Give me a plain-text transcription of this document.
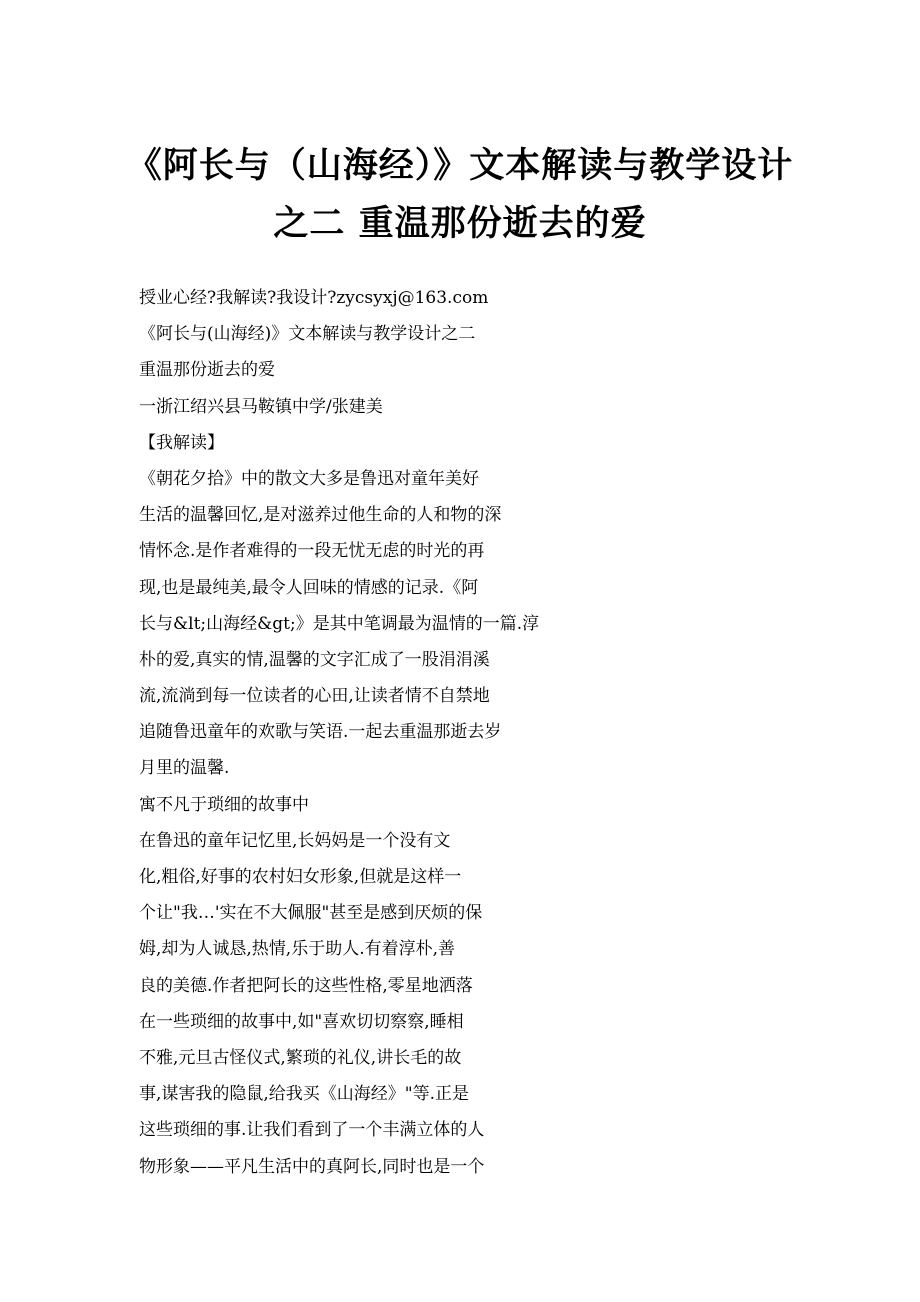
《阿长与（山海经）》文本解读与教学设计
之二 重温那份逝去的爱
授业心经?我解读?我设计?zycsyxj@163.com
《阿长与(山海经)》文本解读与教学设计之二
重温那份逝去的爱
一浙江绍兴县马鞍镇中学/张建美
【我解读】
《朝花夕拾》中的散文大多是鲁迅对童年美好
生活的温馨回忆,是对滋养过他生命的人和物的深
情怀念.是作者难得的一段无忧无虑的时光的再
现,也是最纯美,最令人回味的情感的记录.《阿
长与&lt;山海经&gt;》是其中笔调最为温情的一篇.淳
朴的爱,真实的情,温馨的文字汇成了一股涓涓溪
流,流淌到每一位读者的心田,让读者情不自禁地
追随鲁迅童年的欢歌与笑语.一起去重温那逝去岁
月里的温馨.
寓不凡于琐细的故事中
在鲁迅的童年记忆里,长妈妈是一个没有文
化,粗俗,好事的农村妇女形象,但就是这样一
个让"我…'实在不大佩服"甚至是感到厌烦的保
姆,却为人诚恳,热情,乐于助人.有着淳朴,善
良的美德.作者把阿长的这些性格,零星地洒落
在一些琐细的故事中,如"喜欢切切察察,睡相
不雅,元旦古怪仪式,繁琐的礼仪,讲长毛的故
事,谋害我的隐鼠,给我买《山海经》"等.正是
这些琐细的事.让我们看到了一个丰满立体的人
物形象——平凡生活中的真阿长,同时也是一个
